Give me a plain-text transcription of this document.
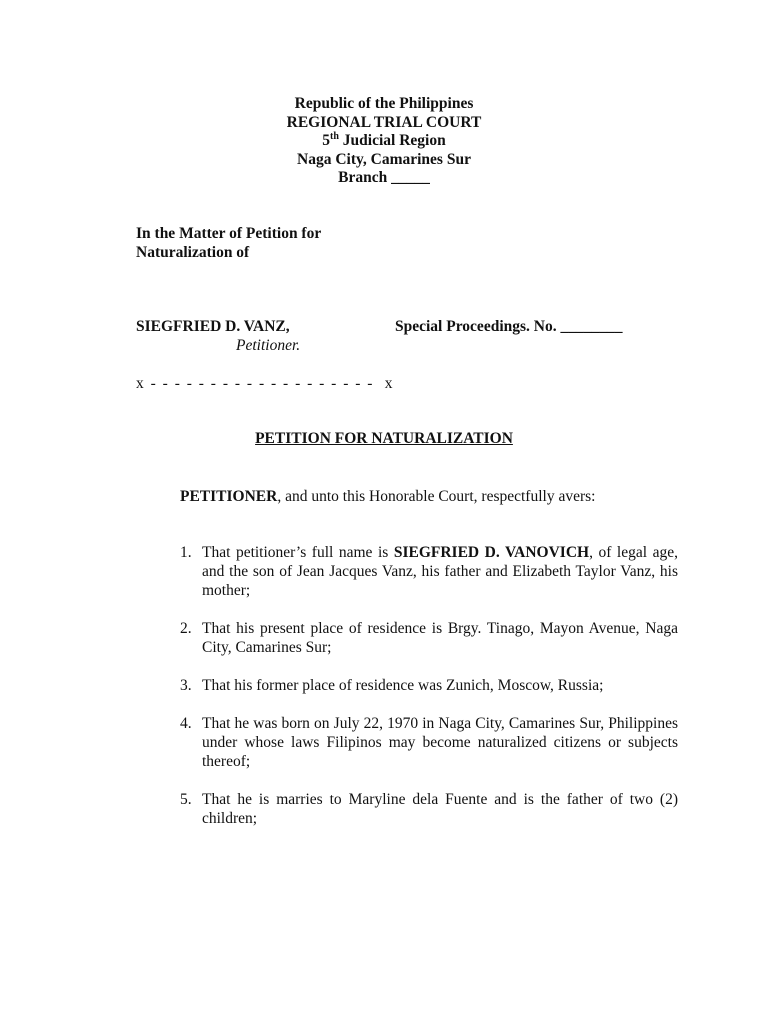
Republic of the Philippines
REGIONAL TRIAL COURT
5th Judicial Region
Naga City, Camarines Sur
Branch _____
In the Matter of Petition for
Naturalization of
SIEGFRIED D. VANZ,
Petitioner.
Special Proceedings. No. ________
x - - - - - - - - - - - - - - - - - - -  x
PETITION FOR NATURALIZATION
PETITIONER, and unto this Honorable Court, respectfully avers:
1. That petitioner’s full name is SIEGFRIED D. VANOVICH, of legal age, and the son of Jean Jacques Vanz, his father and Elizabeth Taylor Vanz, his mother;
2. That his present place of residence is Brgy. Tinago, Mayon Avenue, Naga City, Camarines Sur;
3. That his former place of residence was Zunich, Moscow, Russia;
4. That he was born on July 22, 1970 in Naga City, Camarines Sur, Philippines under whose laws Filipinos may become naturalized citizens or subjects thereof;
5. That he is marries to Maryline dela Fuente and is the father of two (2) children;
